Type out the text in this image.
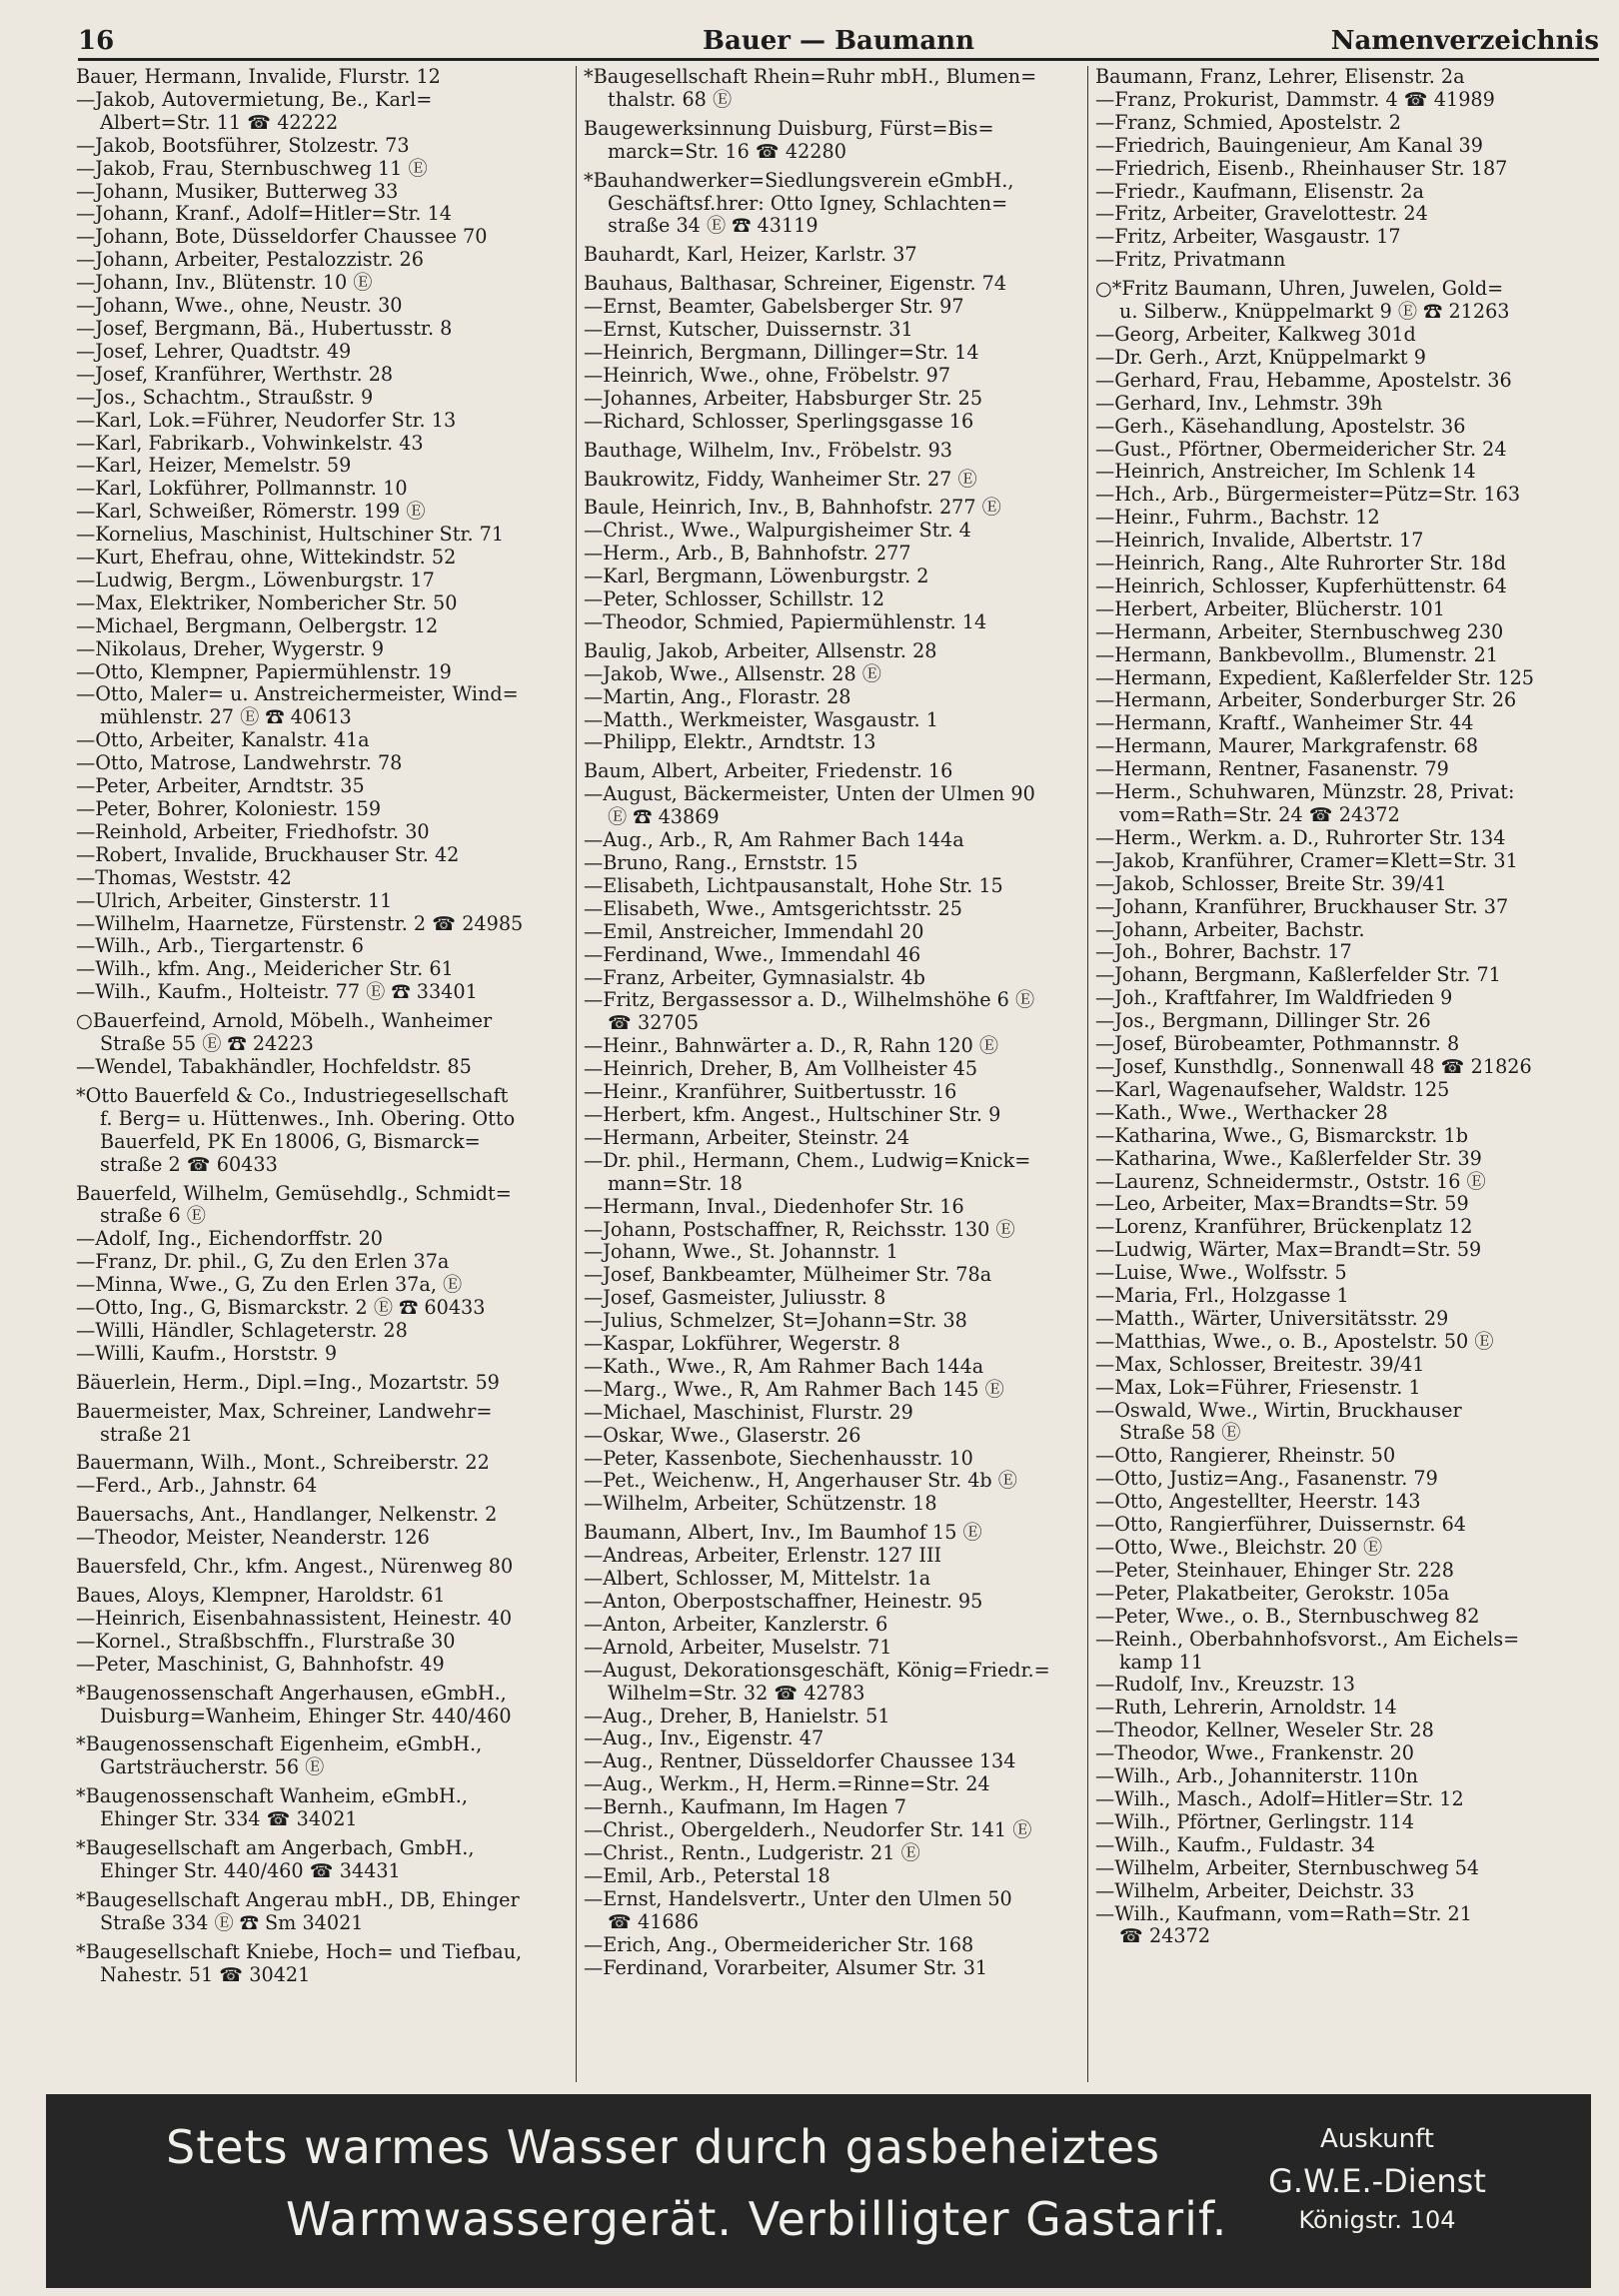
16	Bauer — Baumann	Namenverzeichnis
Bauer, Hermann, Invalide, Flurstr. 12
—Jakob, Autovermietung, Be., Karl=
Albert=Str. 11 ☎ 42222
—Jakob, Bootsführer, Stolzestr. 73
—Jakob, Frau, Sternbuschweg 11 Ⓔ
—Johann, Musiker, Butterweg 33
—Johann, Kranf., Adolf=Hitler=Str. 14
—Johann, Bote, Düsseldorfer Chaussee 70
—Johann, Arbeiter, Pestalozzistr. 26
—Johann, Inv., Blütenstr. 10 Ⓔ
—Johann, Wwe., ohne, Neustr. 30
—Josef, Bergmann, Bä., Hubertusstr. 8
—Josef, Lehrer, Quadtstr. 49
—Josef, Kranführer, Werthstr. 28
—Jos., Schachtm., Straußstr. 9
—Karl, Lok.=Führer, Neudorfer Str. 13
—Karl, Fabrikarb., Vohwinkelstr. 43
—Karl, Heizer, Memelstr. 59
—Karl, Lokführer, Pollmannstr. 10
—Karl, Schweißer, Römerstr. 199 Ⓔ
—Kornelius, Maschinist, Hultschiner Str. 71
—Kurt, Ehefrau, ohne, Wittekindstr. 52
—Ludwig, Bergm., Löwenburgstr. 17
—Max, Elektriker, Nombericher Str. 50
—Michael, Bergmann, Oelbergstr. 12
—Nikolaus, Dreher, Wygerstr. 9
—Otto, Klempner, Papiermühlenstr. 19
—Otto, Maler= u. Anstreichermeister, Wind=
mühlenstr. 27 Ⓔ ☎ 40613
—Otto, Arbeiter, Kanalstr. 41a
—Otto, Matrose, Landwehrstr. 78
—Peter, Arbeiter, Arndtstr. 35
—Peter, Bohrer, Koloniestr. 159
—Reinhold, Arbeiter, Friedhofstr. 30
—Robert, Invalide, Bruckhauser Str. 42
—Thomas, Weststr. 42
—Ulrich, Arbeiter, Ginsterstr. 11
—Wilhelm, Haarnetze, Fürstenstr. 2 ☎ 24985
—Wilh., Arb., Tiergartenstr. 6
—Wilh., kfm. Ang., Meidericher Str. 61
—Wilh., Kaufm., Holteistr. 77 Ⓔ ☎ 33401
○Bauerfeind, Arnold, Möbelh., Wanheimer
Straße 55 Ⓔ ☎ 24223
—Wendel, Tabakhändler, Hochfeldstr. 85
*Otto Bauerfeld & Co., Industriegesellschaft
f. Berg= u. Hüttenwes., Inh. Obering. Otto
Bauerfeld, PK En 18006, G, Bismarck=
straße 2 ☎ 60433
Bauerfeld, Wilhelm, Gemüsehdlg., Schmidt=
straße 6 Ⓔ
—Adolf, Ing., Eichendorffstr. 20
—Franz, Dr. phil., G, Zu den Erlen 37a
—Minna, Wwe., G, Zu den Erlen 37a, Ⓔ
—Otto, Ing., G, Bismarckstr. 2 Ⓔ ☎ 60433
—Willi, Händler, Schlageterstr. 28
—Willi, Kaufm., Horststr. 9
Bäuerlein, Herm., Dipl.=Ing., Mozartstr. 59
Bauermeister, Max, Schreiner, Landwehr=
straße 21
Bauermann, Wilh., Mont., Schreiberstr. 22
—Ferd., Arb., Jahnstr. 64
Bauersachs, Ant., Handlanger, Nelkenstr. 2
—Theodor, Meister, Neanderstr. 126
Bauersfeld, Chr., kfm. Angest., Nürenweg 80
Baues, Aloys, Klempner, Haroldstr. 61
—Heinrich, Eisenbahnassistent, Heinestr. 40
—Kornel., Straßbschffn., Flurstraße 30
—Peter, Maschinist, G, Bahnhofstr. 49
*Baugenossenschaft Angerhausen, eGmbH.,
Duisburg=Wanheim, Ehinger Str. 440/460
*Baugenossenschaft Eigenheim, eGmbH.,
Gartsträucherstr. 56 Ⓔ
*Baugenossenschaft Wanheim, eGmbH.,
Ehinger Str. 334 ☎ 34021
*Baugesellschaft am Angerbach, GmbH.,
Ehinger Str. 440/460 ☎ 34431
*Baugesellschaft Angerau mbH., DB, Ehinger
Straße 334 Ⓔ ☎ Sm 34021
*Baugesellschaft Kniebe, Hoch= und Tiefbau,
Nahestr. 51 ☎ 30421
*Baugesellschaft Rhein=Ruhr mbH., Blumen=
thalstr. 68 Ⓔ
Baugewerksinnung Duisburg, Fürst=Bis=
marck=Str. 16 ☎ 42280
*Bauhandwerker=Siedlungsverein eGmbH.,
Geschäftsf.hrer: Otto Igney, Schlachten=
straße 34 Ⓔ ☎ 43119
Bauhardt, Karl, Heizer, Karlstr. 37
Bauhaus, Balthasar, Schreiner, Eigenstr. 74
—Ernst, Beamter, Gabelsberger Str. 97
—Ernst, Kutscher, Duissernstr. 31
—Heinrich, Bergmann, Dillinger=Str. 14
—Heinrich, Wwe., ohne, Fröbelstr. 97
—Johannes, Arbeiter, Habsburger Str. 25
—Richard, Schlosser, Sperlingsgasse 16
Bauthage, Wilhelm, Inv., Fröbelstr. 93
Baukrowitz, Fiddy, Wanheimer Str. 27 Ⓔ
Baule, Heinrich, Inv., B, Bahnhofstr. 277 Ⓔ
—Christ., Wwe., Walpurgisheimer Str. 4
—Herm., Arb., B, Bahnhofstr. 277
—Karl, Bergmann, Löwenburgstr. 2
—Peter, Schlosser, Schillstr. 12
—Theodor, Schmied, Papiermühlenstr. 14
Baulig, Jakob, Arbeiter, Allsenstr. 28
—Jakob, Wwe., Allsenstr. 28 Ⓔ
—Martin, Ang., Florastr. 28
—Matth., Werkmeister, Wasgaustr. 1
—Philipp, Elektr., Arndtstr. 13
Baum, Albert, Arbeiter, Friedenstr. 16
—August, Bäckermeister, Unten der Ulmen 90
Ⓔ ☎ 43869
—Aug., Arb., R, Am Rahmer Bach 144a
—Bruno, Rang., Ernststr. 15
—Elisabeth, Lichtpausanstalt, Hohe Str. 15
—Elisabeth, Wwe., Amtsgerichtsstr. 25
—Emil, Anstreicher, Immendahl 20
—Ferdinand, Wwe., Immendahl 46
—Franz, Arbeiter, Gymnasialstr. 4b
—Fritz, Bergassessor a. D., Wilhelmshöhe 6 Ⓔ
☎ 32705
—Heinr., Bahnwärter a. D., R, Rahn 120 Ⓔ
—Heinrich, Dreher, B, Am Vollheister 45
—Heinr., Kranführer, Suitbertusstr. 16
—Herbert, kfm. Angest., Hultschiner Str. 9
—Hermann, Arbeiter, Steinstr. 24
—Dr. phil., Hermann, Chem., Ludwig=Knick=
mann=Str. 18
—Hermann, Inval., Diedenhofer Str. 16
—Johann, Postschaffner, R, Reichsstr. 130 Ⓔ
—Johann, Wwe., St. Johannstr. 1
—Josef, Bankbeamter, Mülheimer Str. 78a
—Josef, Gasmeister, Juliusstr. 8
—Julius, Schmelzer, St=Johann=Str. 38
—Kaspar, Lokführer, Wegerstr. 8
—Kath., Wwe., R, Am Rahmer Bach 144a
—Marg., Wwe., R, Am Rahmer Bach 145 Ⓔ
—Michael, Maschinist, Flurstr. 29
—Oskar, Wwe., Glaserstr. 26
—Peter, Kassenbote, Siechenhausstr. 10
—Pet., Weichenw., H, Angerhauser Str. 4b Ⓔ
—Wilhelm, Arbeiter, Schützenstr. 18
Baumann, Albert, Inv., Im Baumhof 15 Ⓔ
—Andreas, Arbeiter, Erlenstr. 127 III
—Albert, Schlosser, M, Mittelstr. 1a
—Anton, Oberpostschaffner, Heinestr. 95
—Anton, Arbeiter, Kanzlerstr. 6
—Arnold, Arbeiter, Muselstr. 71
—August, Dekorationsgeschäft, König=Friedr.=
Wilhelm=Str. 32 ☎ 42783
—Aug., Dreher, B, Hanielstr. 51
—Aug., Inv., Eigenstr. 47
—Aug., Rentner, Düsseldorfer Chaussee 134
—Aug., Werkm., H, Herm.=Rinne=Str. 24
—Bernh., Kaufmann, Im Hagen 7
—Christ., Obergelderh., Neudorfer Str. 141 Ⓔ
—Christ., Rentn., Ludgeristr. 21 Ⓔ
—Emil, Arb., Peterstal 18
—Ernst, Handelsvertr., Unter den Ulmen 50
☎ 41686
—Erich, Ang., Obermeidericher Str. 168
—Ferdinand, Vorarbeiter, Alsumer Str. 31
Baumann, Franz, Lehrer, Elisenstr. 2a
—Franz, Prokurist, Dammstr. 4 ☎ 41989
—Franz, Schmied, Apostelstr. 2
—Friedrich, Bauingenieur, Am Kanal 39
—Friedrich, Eisenb., Rheinhauser Str. 187
—Friedr., Kaufmann, Elisenstr. 2a
—Fritz, Arbeiter, Gravelottestr. 24
—Fritz, Arbeiter, Wasgaustr. 17
—Fritz, Privatmann
○*Fritz Baumann, Uhren, Juwelen, Gold=
u. Silberw., Knüppelmarkt 9 Ⓔ ☎ 21263
—Georg, Arbeiter, Kalkweg 301d
—Dr. Gerh., Arzt, Knüppelmarkt 9
—Gerhard, Frau, Hebamme, Apostelstr. 36
—Gerhard, Inv., Lehmstr. 39h
—Gerh., Käsehandlung, Apostelstr. 36
—Gust., Pförtner, Obermeidericher Str. 24
—Heinrich, Anstreicher, Im Schlenk 14
—Hch., Arb., Bürgermeister=Pütz=Str. 163
—Heinr., Fuhrm., Bachstr. 12
—Heinrich, Invalide, Albertstr. 17
—Heinrich, Rang., Alte Ruhrorter Str. 18d
—Heinrich, Schlosser, Kupferhüttenstr. 64
—Herbert, Arbeiter, Blücherstr. 101
—Hermann, Arbeiter, Sternbuschweg 230
—Hermann, Bankbevollm., Blumenstr. 21
—Hermann, Expedient, Kaßlerfelder Str. 125
—Hermann, Arbeiter, Sonderburger Str. 26
—Hermann, Kraftf., Wanheimer Str. 44
—Hermann, Maurer, Markgrafenstr. 68
—Hermann, Rentner, Fasanenstr. 79
—Herm., Schuhwaren, Münzstr. 28, Privat:
vom=Rath=Str. 24 ☎ 24372
—Herm., Werkm. a. D., Ruhrorter Str. 134
—Jakob, Kranführer, Cramer=Klett=Str. 31
—Jakob, Schlosser, Breite Str. 39/41
—Johann, Kranführer, Bruckhauser Str. 37
—Johann, Arbeiter, Bachstr.
—Joh., Bohrer, Bachstr. 17
—Johann, Bergmann, Kaßlerfelder Str. 71
—Joh., Kraftfahrer, Im Waldfrieden 9
—Jos., Bergmann, Dillinger Str. 26
—Josef, Bürobeamter, Pothmannstr. 8
—Josef, Kunsthdlg., Sonnenwall 48 ☎ 21826
—Karl, Wagenaufseher, Waldstr. 125
—Kath., Wwe., Werthacker 28
—Katharina, Wwe., G, Bismarckstr. 1b
—Katharina, Wwe., Kaßlerfelder Str. 39
—Laurenz, Schneidermstr., Oststr. 16 Ⓔ
—Leo, Arbeiter, Max=Brandts=Str. 59
—Lorenz, Kranführer, Brückenplatz 12
—Ludwig, Wärter, Max=Brandt=Str. 59
—Luise, Wwe., Wolfsstr. 5
—Maria, Frl., Holzgasse 1
—Matth., Wärter, Universitätsstr. 29
—Matthias, Wwe., o. B., Apostelstr. 50 Ⓔ
—Max, Schlosser, Breitestr. 39/41
—Max, Lok=Führer, Friesenstr. 1
—Oswald, Wwe., Wirtin, Bruckhauser
Straße 58 Ⓔ
—Otto, Rangierer, Rheinstr. 50
—Otto, Justiz=Ang., Fasanenstr. 79
—Otto, Angestellter, Heerstr. 143
—Otto, Rangierführer, Duissernstr. 64
—Otto, Wwe., Bleichstr. 20 Ⓔ
—Peter, Steinhauer, Ehinger Str. 228
—Peter, Plakatbeiter, Gerokstr. 105a
—Peter, Wwe., o. B., Sternbuschweg 82
—Reinh., Oberbahnhofsvorst., Am Eichels=
kamp 11
—Rudolf, Inv., Kreuzstr. 13
—Ruth, Lehrerin, Arnoldstr. 14
—Theodor, Kellner, Weseler Str. 28
—Theodor, Wwe., Frankenstr. 20
—Wilh., Arb., Johanniterstr. 110n
—Wilh., Masch., Adolf=Hitler=Str. 12
—Wilh., Pförtner, Gerlingstr. 114
—Wilh., Kaufm., Fuldastr. 34
—Wilhelm, Arbeiter, Sternbuschweg 54
—Wilhelm, Arbeiter, Deichstr. 33
—Wilh., Kaufmann, vom=Rath=Str. 21
☎ 24372
Stets warmes Wasser durch gasbeheiztes
Warmwassergerät. Verbilligter Gastarif.
Auskunft
G.W.E.-Dienst
Königstr. 104
